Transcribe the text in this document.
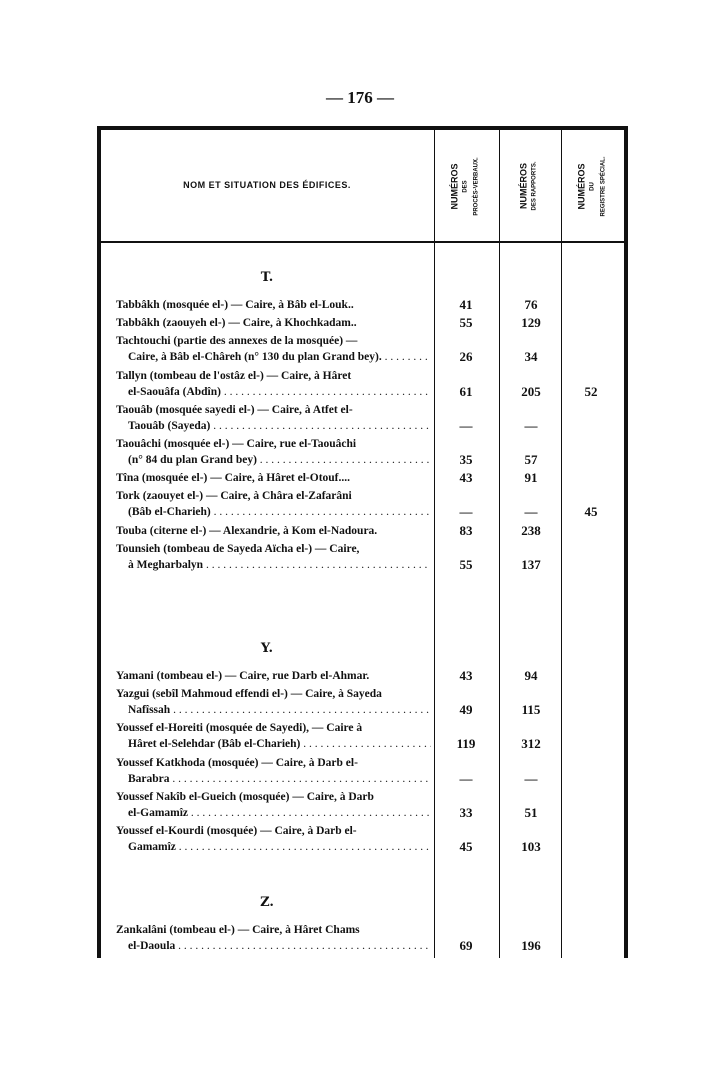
— 176 —
NOM ET SITUATION DES ÉDIFICES.	NUMÉROS DES PROCÈS-VERBAUX.	NUMÉROS DES RAPPORTS.	NUMÉROS DU REGISTRE SPÉCIAL.
T.
Tabbâkh (mosquée el-) — Caire, à Bâb el-Louk..	41	76
Tabbâkh (zaouyeh el-) — Caire, à Khochkadam..	55	129
Tachtouchi (partie des annexes de la mosquée) —
Caire, à Bâb el-Châreh (n° 130 du plan Grand bey). . . .	26	34
Tallyn (tombeau de l'ostâz el-) — Caire, à Hâret
el-Saouâfa (Abdîn) . . .	61	205	52
Taouâb (mosquée sayedi el-) — Caire, à Atfet el-
Taouâb (Sayeda) . . .	—	—
Taouâchi (mosquée el-) — Caire, rue el-Taouâchi
(n° 84 du plan Grand bey) . . .	35	57
Tîna (mosquée el-) — Caire, à Hâret el-Otouf....	43	91
Tork (zaouyet el-) — Caire, à Châra el-Zafarâni
(Bâb el-Charieh) . . .	—	—	45
Touba (citerne el-) — Alexandrie, à Kom el-Nadoura.	83	238
Tounsieh (tombeau de Sayeda Aïcha el-) — Caire,
à Megharbalyn . . .	55	137
Y.
Yamani (tombeau el-) — Caire, rue Darb el-Ahmar.	43	94
Yazgui (sebîl Mahmoud effendi el-) — Caire, à Sayeda
Nafîssah . . .	49	115
Youssef el-Horeiti (mosquée de Sayedi), — Caire à
Hâret el-Selehdar (Bâb el-Charieh) . . .	119	312
Youssef Katkhoda (mosquée) — Caire, à Darb el-
Barabra . . .	—	—
Youssef Nakîb el-Gueich (mosquée) — Caire, à Darb
el-Gamamîz . . .	33	51
Youssef el-Kourdi (mosquée) — Caire, à Darb el-
Gamamîz . . .	45	103
Z.
Zankalâni (tombeau el-) — Caire, à Hâret Chams
el-Daoula . . .	69	196
